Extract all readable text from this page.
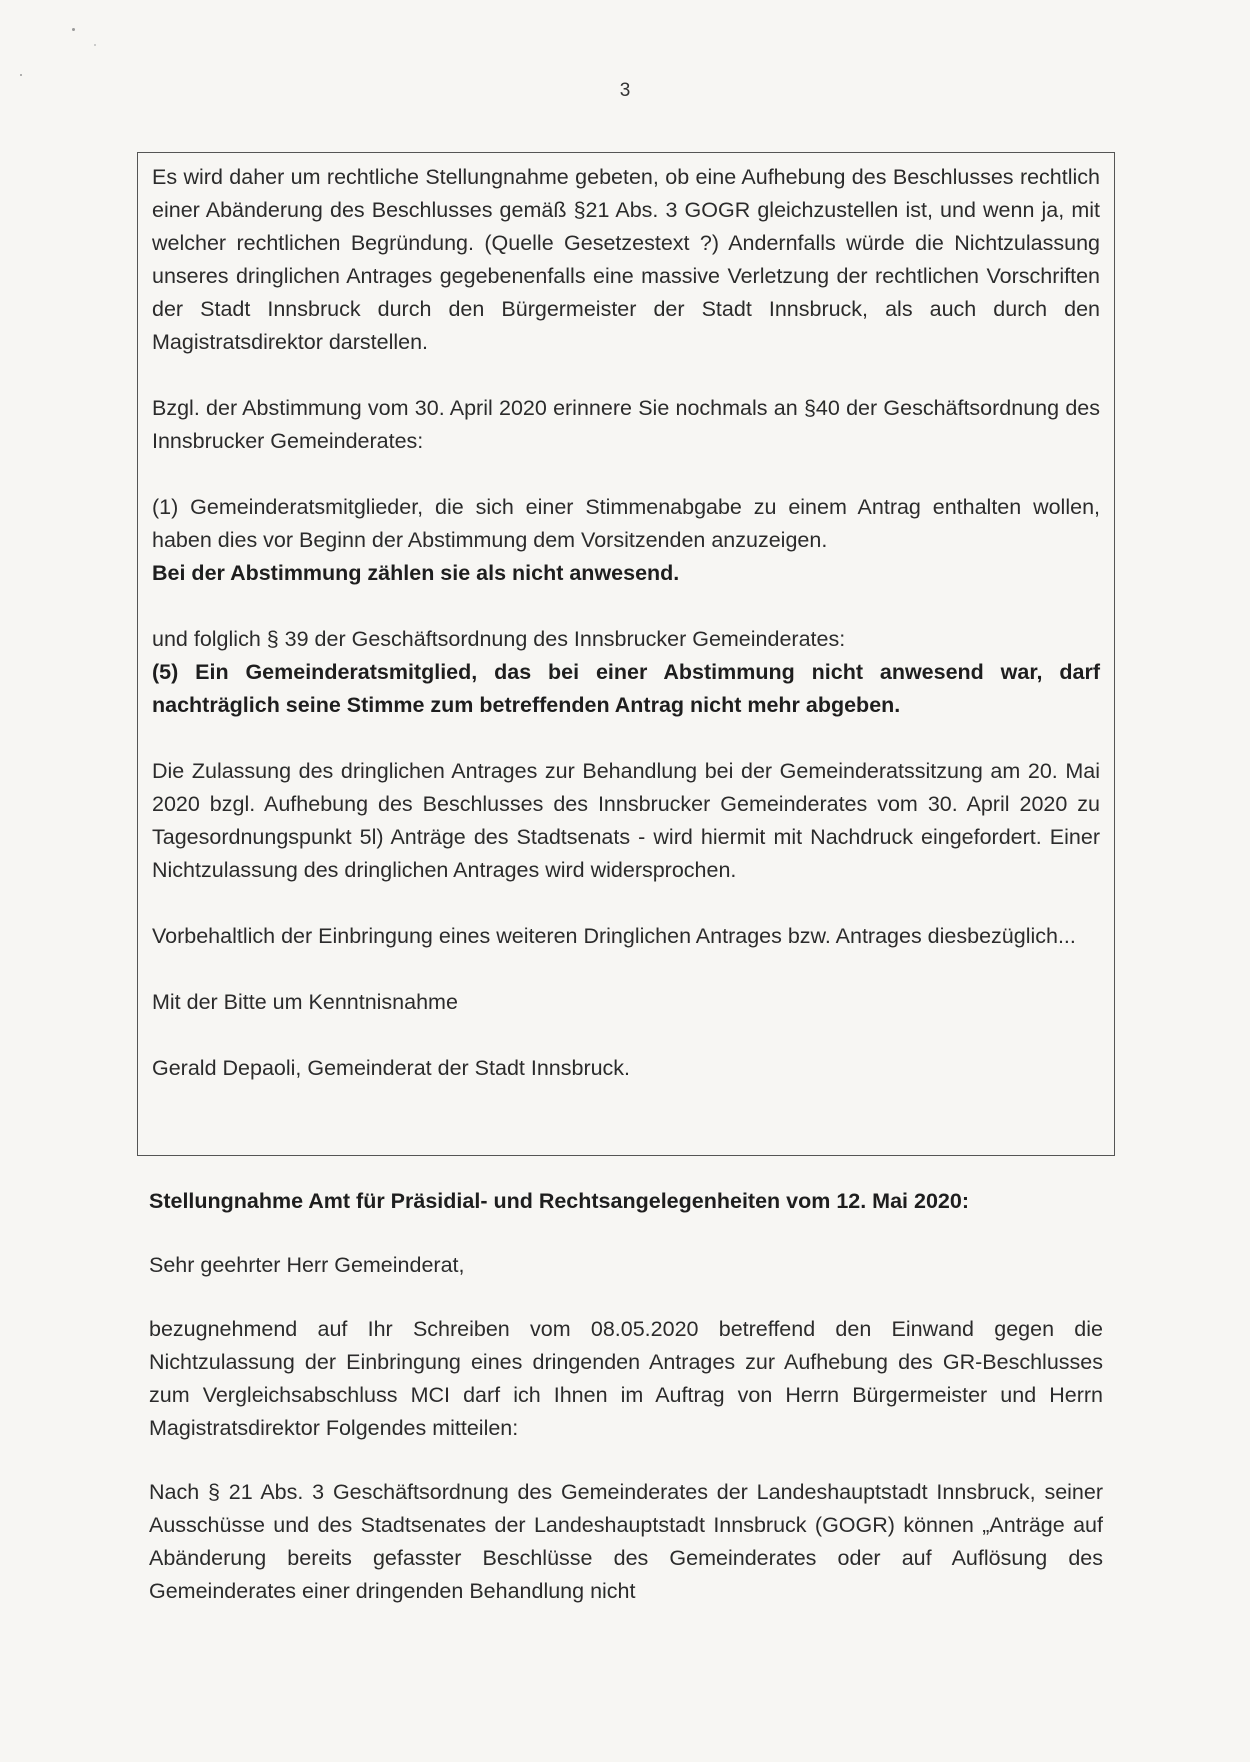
3

Es wird daher um rechtliche Stellungnahme gebeten, ob eine Aufhebung des Beschlusses rechtlich einer Abänderung des Beschlusses gemäß §21 Abs. 3 GOGR gleichzustellen ist, und wenn ja, mit welcher rechtlichen Begründung. (Quelle Gesetzestext ?) Andernfalls würde die Nichtzulassung unseres dringlichen Antrages gegebenenfalls eine massive Verletzung der rechtlichen Vorschriften der Stadt Innsbruck durch den Bürgermeister der Stadt Innsbruck, als auch durch den Magistratsdirektor darstellen.

Bzgl. der Abstimmung vom 30. April 2020 erinnere Sie nochmals an §40 der Geschäftsordnung des Innsbrucker Gemeinderates:

(1) Gemeinderatsmitglieder, die sich einer Stimmenabgabe zu einem Antrag enthalten wollen, haben dies vor Beginn der Abstimmung dem Vorsitzenden anzuzeigen.
Bei der Abstimmung zählen sie als nicht anwesend.

und folglich § 39 der Geschäftsordnung des Innsbrucker Gemeinderates:

(5) Ein Gemeinderatsmitglied, das bei einer Abstimmung nicht anwesend war, darf nachträglich seine Stimme zum betreffenden Antrag nicht mehr abgeben.

Die Zulassung des dringlichen Antrages zur Behandlung bei der Gemeinderatssitzung am 20. Mai 2020 bzgl. Aufhebung des Beschlusses des Innsbrucker Gemeinderates vom 30. April 2020 zu Tagesordnungspunkt 5l) Anträge des Stadtsenats - wird hiermit mit Nachdruck eingefordert. Einer Nichtzulassung des dringlichen Antrages wird widersprochen.

Vorbehaltlich der Einbringung eines weiteren Dringlichen Antrages bzw. Antrages diesbezüglich...

Mit der Bitte um Kenntnisnahme

Gerald Depaoli, Gemeinderat der Stadt Innsbruck.

Stellungnahme Amt für Präsidial- und Rechtsangelegenheiten vom 12. Mai 2020:

Sehr geehrter Herr Gemeinderat,

bezugnehmend auf Ihr Schreiben vom 08.05.2020 betreffend den Einwand gegen die Nichtzulassung der Einbringung eines dringenden Antrages zur Aufhebung des GR-Beschlusses zum Vergleichsabschluss MCI darf ich Ihnen im Auftrag von Herrn Bürgermeister und Herrn Magistratsdirektor Folgendes mitteilen:

Nach § 21 Abs. 3 Geschäftsordnung des Gemeinderates der Landeshauptstadt Innsbruck, seiner Ausschüsse und des Stadtsenates der Landeshauptstadt Innsbruck (GOGR) können „Anträge auf Abänderung bereits gefasster Beschlüsse des Gemeinderates oder auf Auflösung des Gemeinderates einer dringenden Behandlung nicht
